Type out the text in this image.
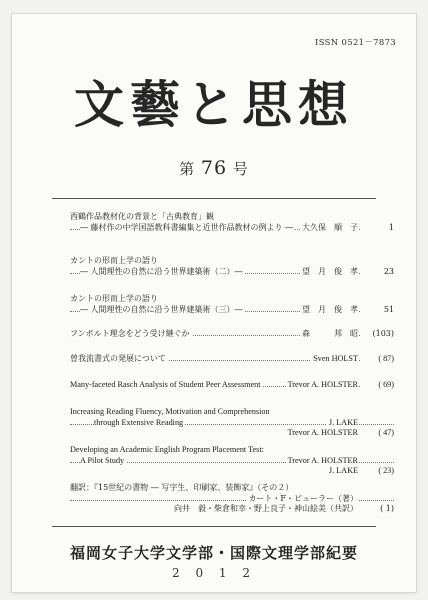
ISSN 0521－7873
文藝と思想
第 76 号
西鶴作品教材化の背景と「古典教育」観
― 藤村作の中学国語教科書編集と近世作品教材の例より ― 大久保　順　子	1
カントの形而上学の語り
― 人間理性の自然に沿う世界建築術（二）―	望　月　俊　孝	23
カントの形而上学の語り
― 人間理性の自然に沿う世界建築術（三）―	望　月　俊　孝	51
フンボルト理念をどう受け継ぐか	森　　　邦　昭	(103)
曽我流書式の発展について	Sven HOLST	( 87)
Many-faceted Rasch Analysis of Student Peer Assessment	Trevor A. HOLSTER	( 69)
Increasing Reading Fluency, Motivation and Comprehension
through Extensive Reading	J. LAKE
Trevor A. HOLSTER	( 47)
Developing an Academic English Program Placement Test:
A Pilot Study	Trevor A. HOLSTER
J. LAKE	( 23)
翻訳：『15世紀の書物 ― 写字生、印刷家、装飾家』（その２）
カート・F・ビューラー（著）
向井　毅・柴倉和幸・野上良子・神山絵美（共訳）	( 1)
福岡女子大学文学部・国際文理学部紀要
2 0 1 2
